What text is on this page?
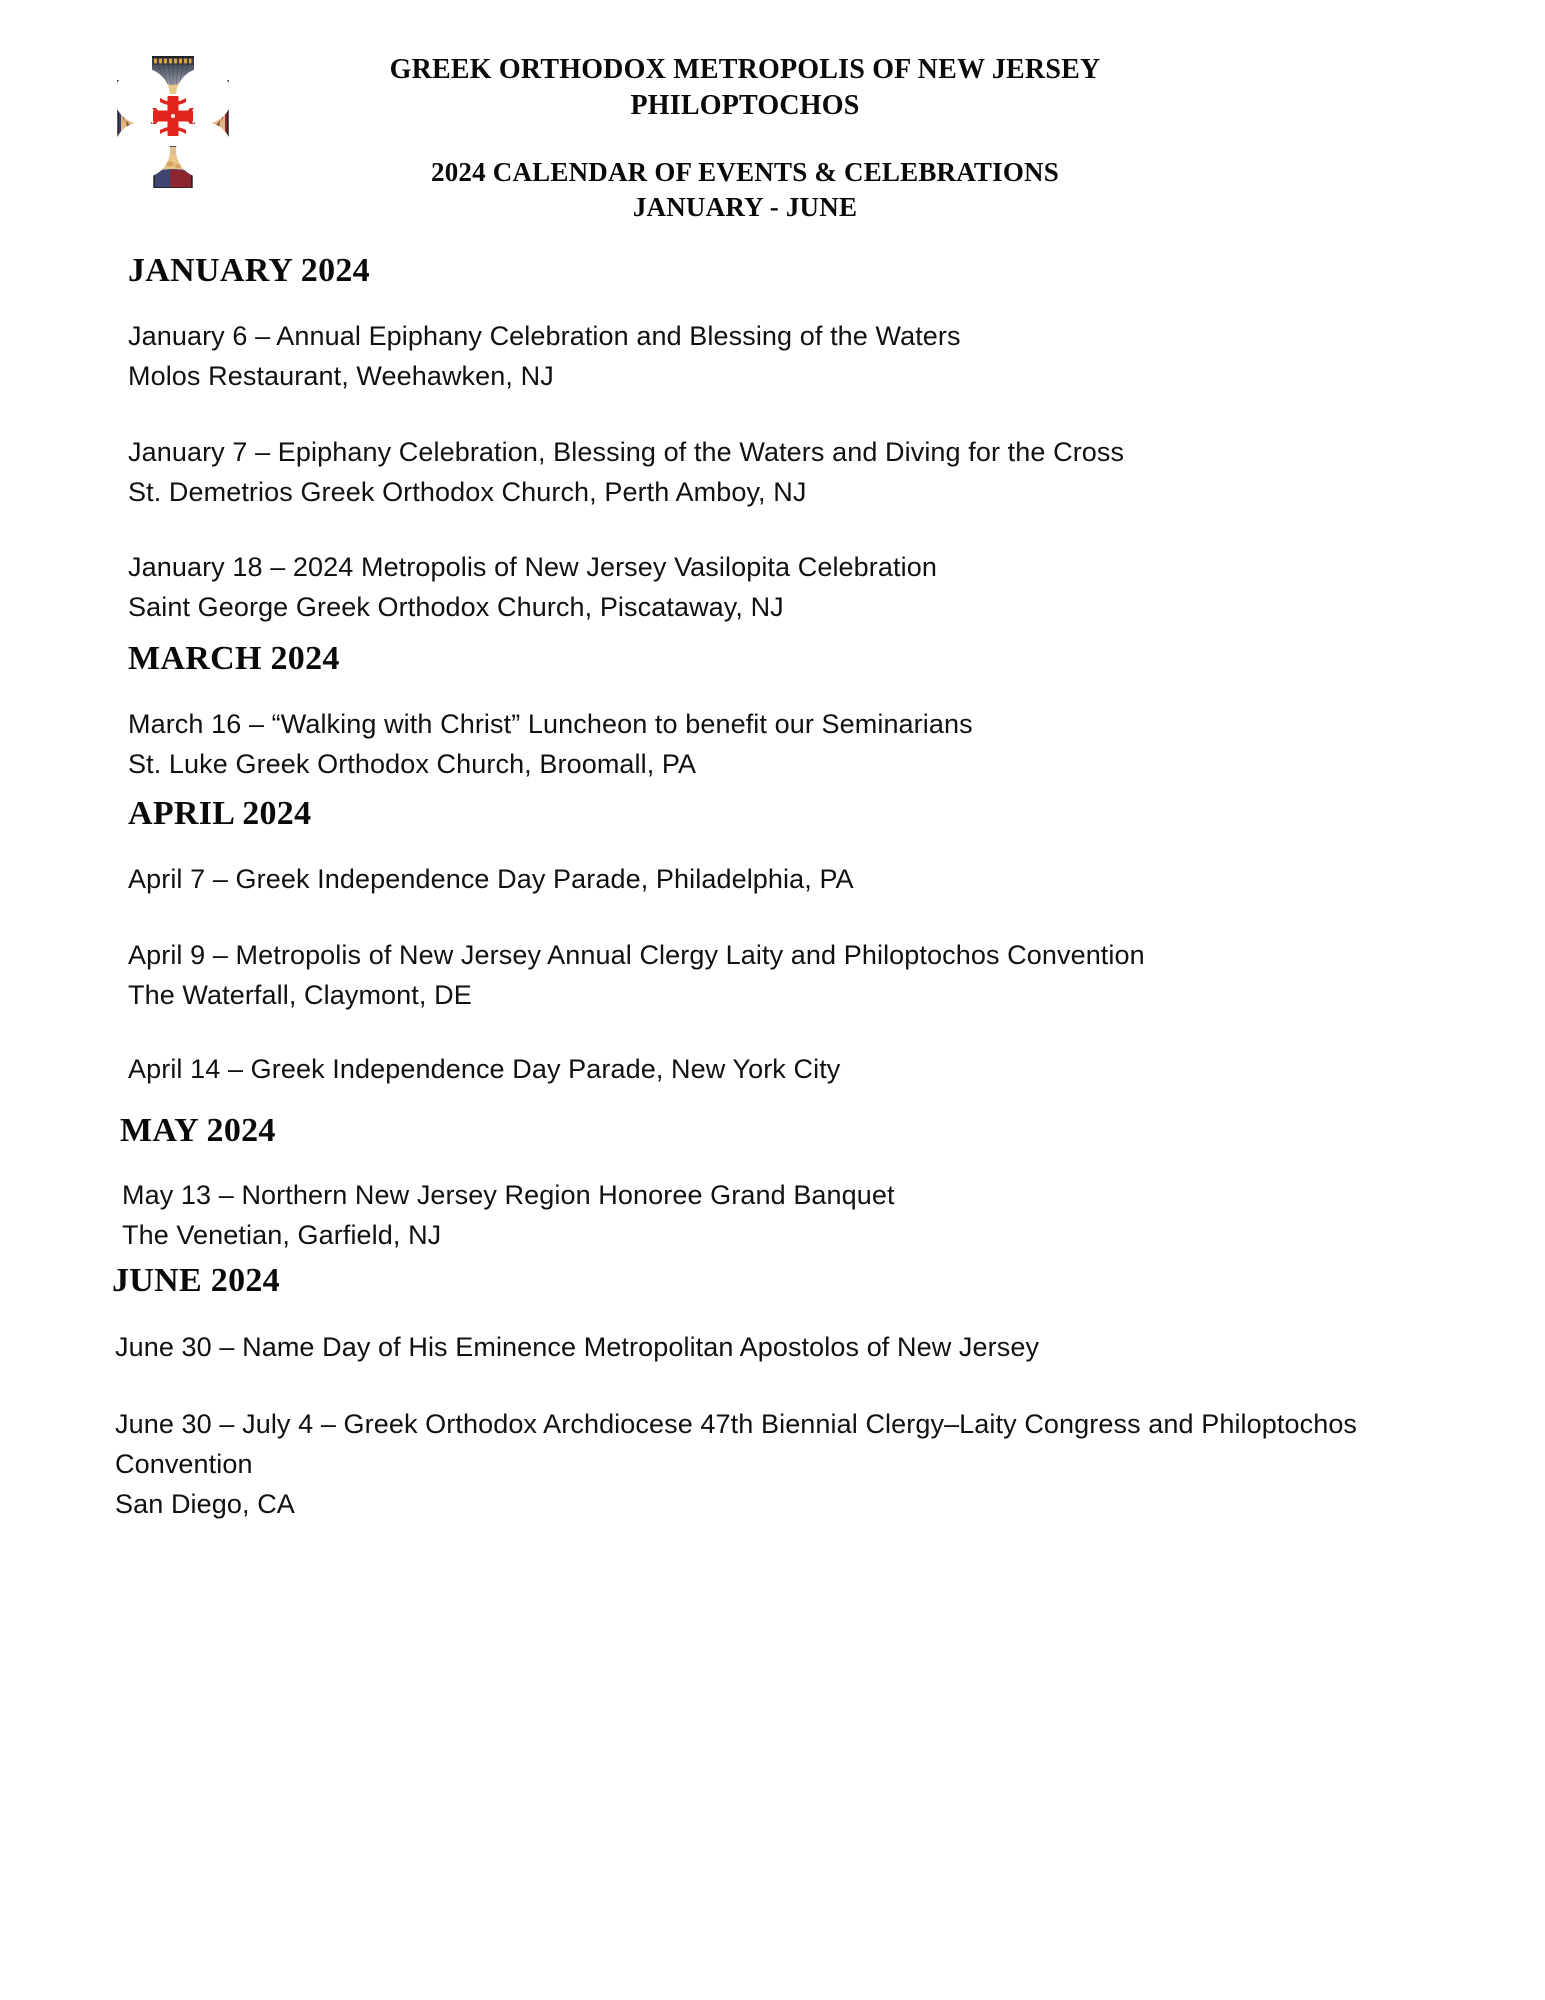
GREEK ORTHODOX METROPOLIS OF NEW JERSEY
PHILOPTOCHOS
2024 CALENDAR OF EVENTS & CELEBRATIONS
JANUARY - JUNE
JANUARY 2024
January 6 – Annual Epiphany Celebration and Blessing of the Waters
Molos Restaurant, Weehawken, NJ
January 7 – Epiphany Celebration, Blessing of the Waters and Diving for the Cross
St. Demetrios Greek Orthodox Church, Perth Amboy, NJ
January 18 – 2024 Metropolis of New Jersey Vasilopita Celebration
Saint George Greek Orthodox Church, Piscataway, NJ
MARCH 2024
March 16 – “Walking with Christ” Luncheon to benefit our Seminarians
St. Luke Greek Orthodox Church, Broomall, PA
APRIL 2024
April 7 – Greek Independence Day Parade, Philadelphia, PA
April 9 – Metropolis of New Jersey Annual Clergy Laity and Philoptochos Convention
The Waterfall, Claymont, DE
April 14 – Greek Independence Day Parade, New York City
MAY 2024
May 13 – Northern New Jersey Region Honoree Grand Banquet
The Venetian, Garfield, NJ
JUNE 2024
June 30 – Name Day of His Eminence Metropolitan Apostolos of New Jersey
June 30 – July 4 – Greek Orthodox Archdiocese 47th Biennial Clergy–Laity Congress and Philoptochos Convention
San Diego, CA
